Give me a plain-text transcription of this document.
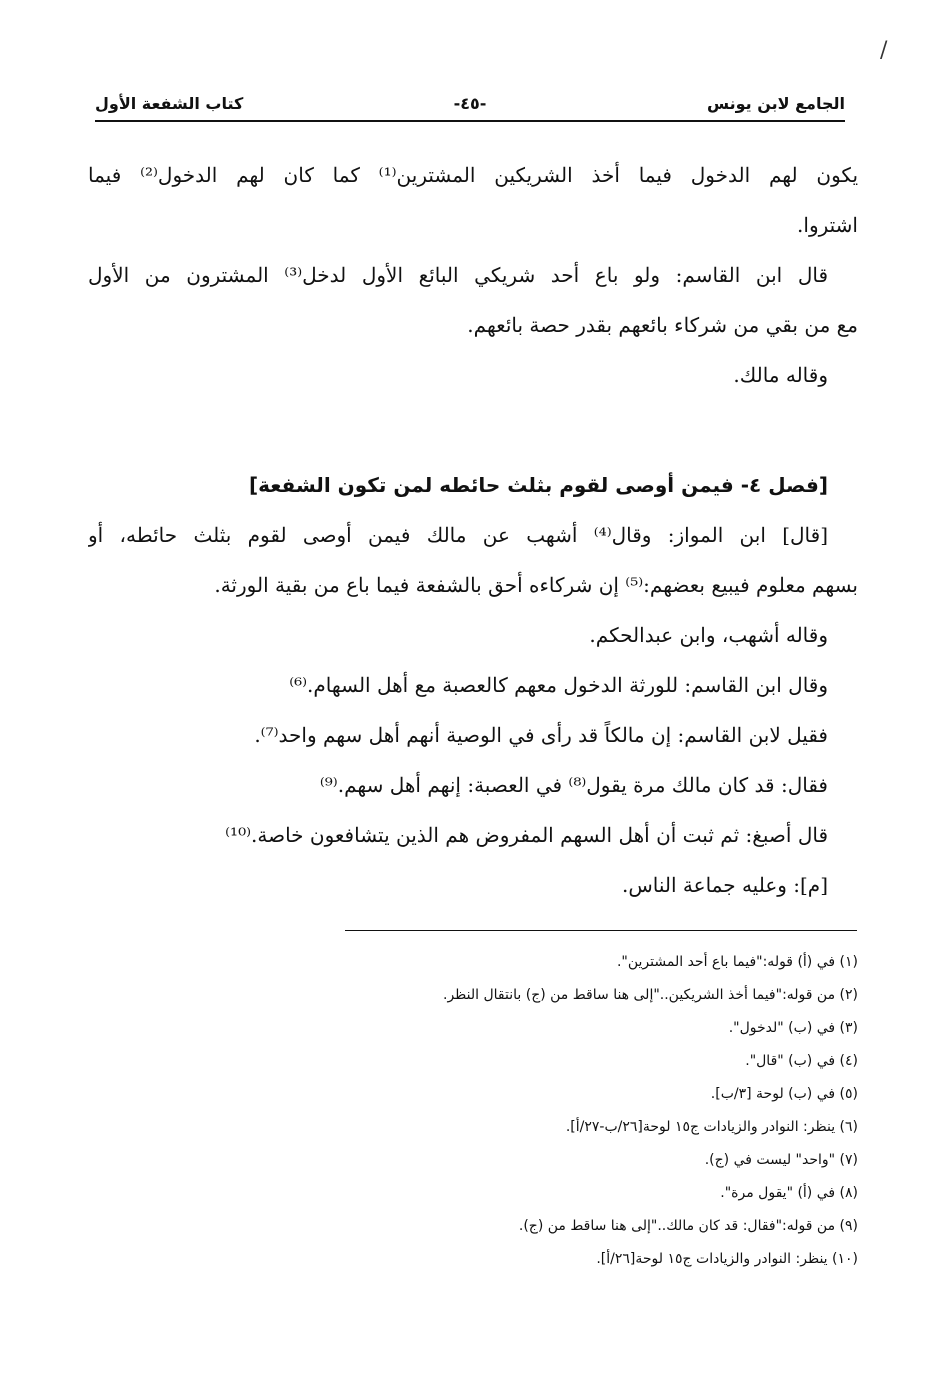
/
الجامع لابن يونس
-٤٥-
كتاب الشفعة الأول
يكون لهم الدخول فيما أخذ الشريكين المشترين⁽¹⁾ كما كان لهم الدخول⁽²⁾ فيما
اشتروا.
قال ابن القاسم: ولو باع أحد شريكي البائع الأول لدخل⁽³⁾ المشترون من الأول
مع من بقي من شركاء بائعهم بقدر حصة بائعهم.
وقاله مالك.
[فصل ٤- فيمن أوصى لقوم بثلث حائطه لمن تكون الشفعة]
[قال] ابن المواز: وقال⁽⁴⁾ أشهب عن مالك فيمن أوصى لقوم بثلث حائطه، أو
بسهم معلوم فيبيع بعضهم:⁽⁵⁾ إن شركاءه أحق بالشفعة فيما باع من بقية الورثة.
وقاله أشهب، وابن عبدالحكم.
وقال ابن القاسم: للورثة الدخول معهم كالعصبة مع أهل السهام.⁽⁶⁾
فقيل لابن القاسم: إن مالكاً قد رأى في الوصية أنهم أهل سهم واحد⁽⁷⁾.
فقال: قد كان مالك مرة يقول⁽⁸⁾ في العصبة: إنهم أهل سهم.⁽⁹⁾
قال أصبغ: ثم ثبت أن أهل السهم المفروض هم الذين يتشافعون خاصة.⁽¹⁰⁾
[م]: وعليه جماعة الناس.
(١) في (أ) قوله:"فيما باع أحد المشترين".
(٢) من قوله:"فيما أخذ الشريكين.."إلى هنا ساقط من (ج) بانتقال النظر.
(٣) في (ب) "لدخول".
(٤) في (ب) "قال".
(٥) في (ب) لوحة [٣/ب].
(٦) ينظر: النوادر والزيادات ج١٥ لوحة[٢٦/ب-٢٧/أ].
(٧) "واحد" ليست في (ج).
(٨) في (أ) "يقول مرة".
(٩) من قوله:"فقال: قد كان مالك.."إلى هنا ساقط من (ج).
(١٠) ينظر: النوادر والزيادات ج١٥ لوحة[٢٦/أ].
